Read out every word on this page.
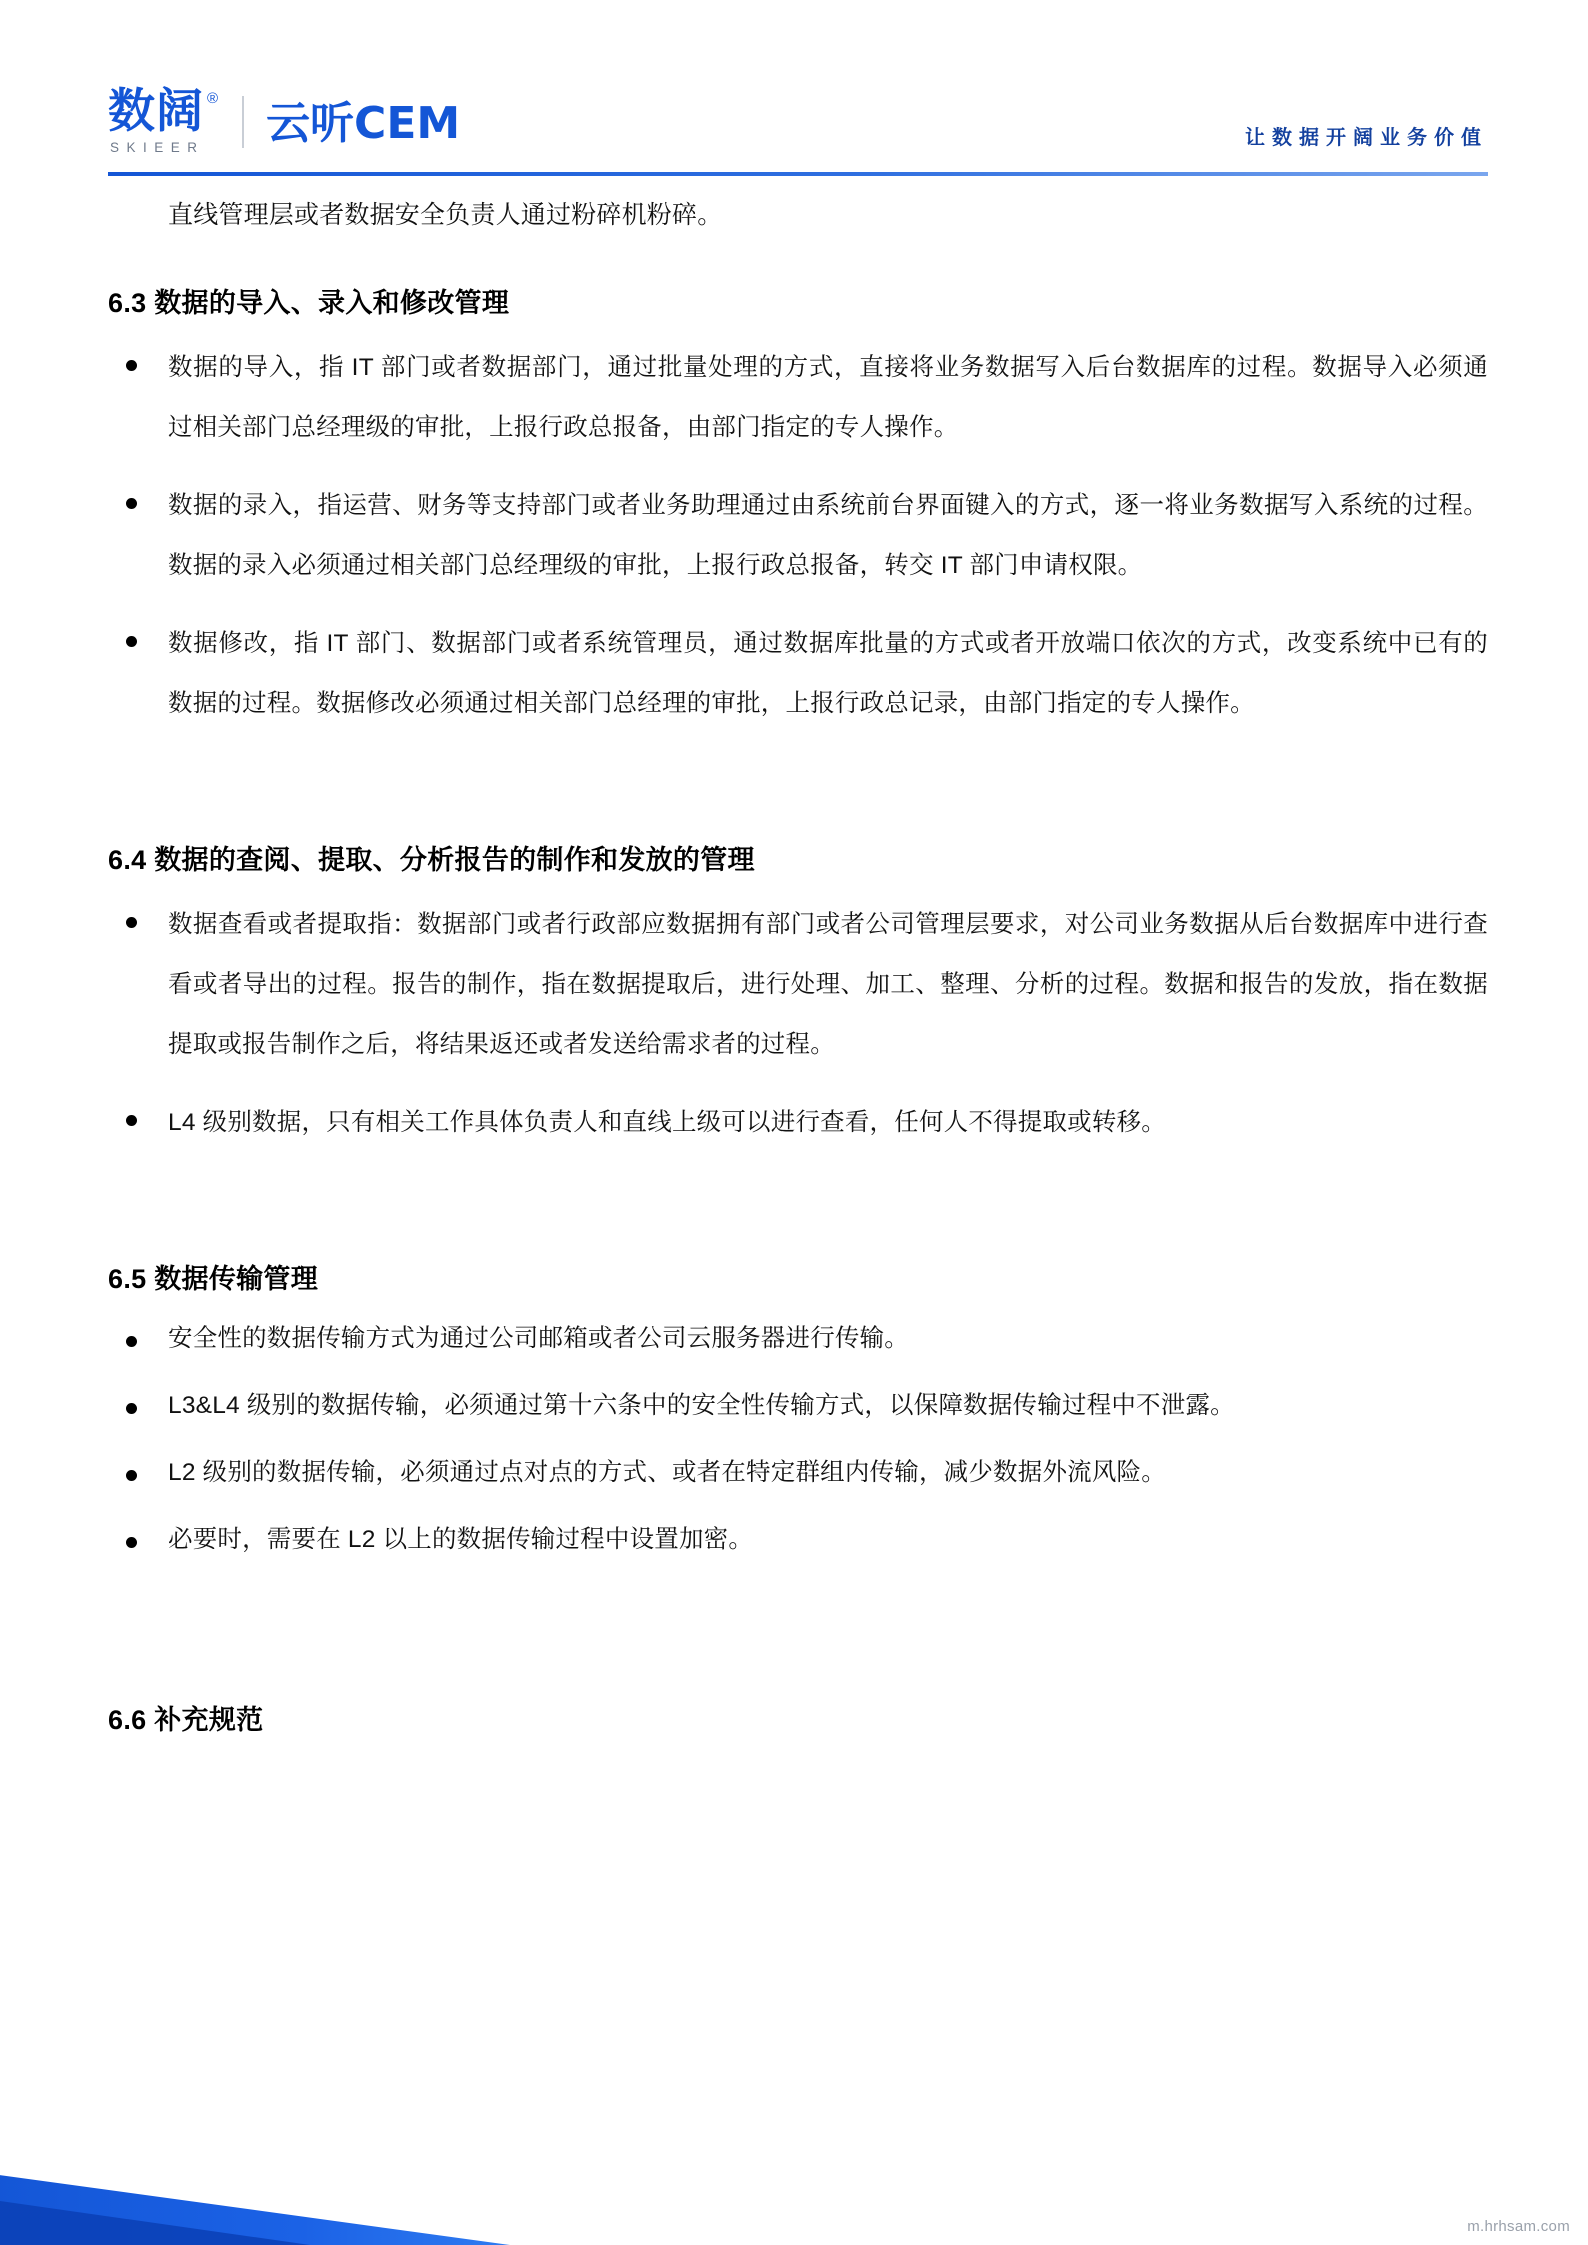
数阔 ®
SKIEER 云听CEM	让数据开阔业务价值

直线管理层或者数据安全负责人通过粉碎机粉碎。

6.3 数据的导入、录入和修改管理
数据的导入，指 IT 部门或者数据部门，通过批量处理的方式，直接将业务数据写入后台数据库的过程。数据导入必须通过相关部门总经理级的审批，上报行政总报备，由部门指定的专人操作。
数据的录入，指运营、财务等支持部门或者业务助理通过由系统前台界面键入的方式，逐一将业务数据写入系统的过程。数据的录入必须通过相关部门总经理级的审批，上报行政总报备，转交 IT 部门申请权限。
数据修改，指 IT 部门、数据部门或者系统管理员，通过数据库批量的方式或者开放端口依次的方式，改变系统中已有的数据的过程。数据修改必须通过相关部门总经理的审批，上报行政总记录，由部门指定的专人操作。
6.4 数据的查阅、提取、分析报告的制作和发放的管理
数据查看或者提取指：数据部门或者行政部应数据拥有部门或者公司管理层要求，对公司业务数据从后台数据库中进行查看或者导出的过程。报告的制作，指在数据提取后，进行处理、加工、整理、分析的过程。数据和报告的发放，指在数据提取或报告制作之后，将结果返还或者发送给需求者的过程。
L4 级别数据，只有相关工作具体负责人和直线上级可以进行查看，任何人不得提取或转移。
6.5 数据传输管理
安全性的数据传输方式为通过公司邮箱或者公司云服务器进行传输。
L3&L4 级别的数据传输，必须通过第十六条中的安全性传输方式，以保障数据传输过程中不泄露。
L2 级别的数据传输，必须通过点对点的方式、或者在特定群组内传输，减少数据外流风险。
必要时，需要在 L2 以上的数据传输过程中设置加密。
6.6 补充规范
m.hrhsam.com
